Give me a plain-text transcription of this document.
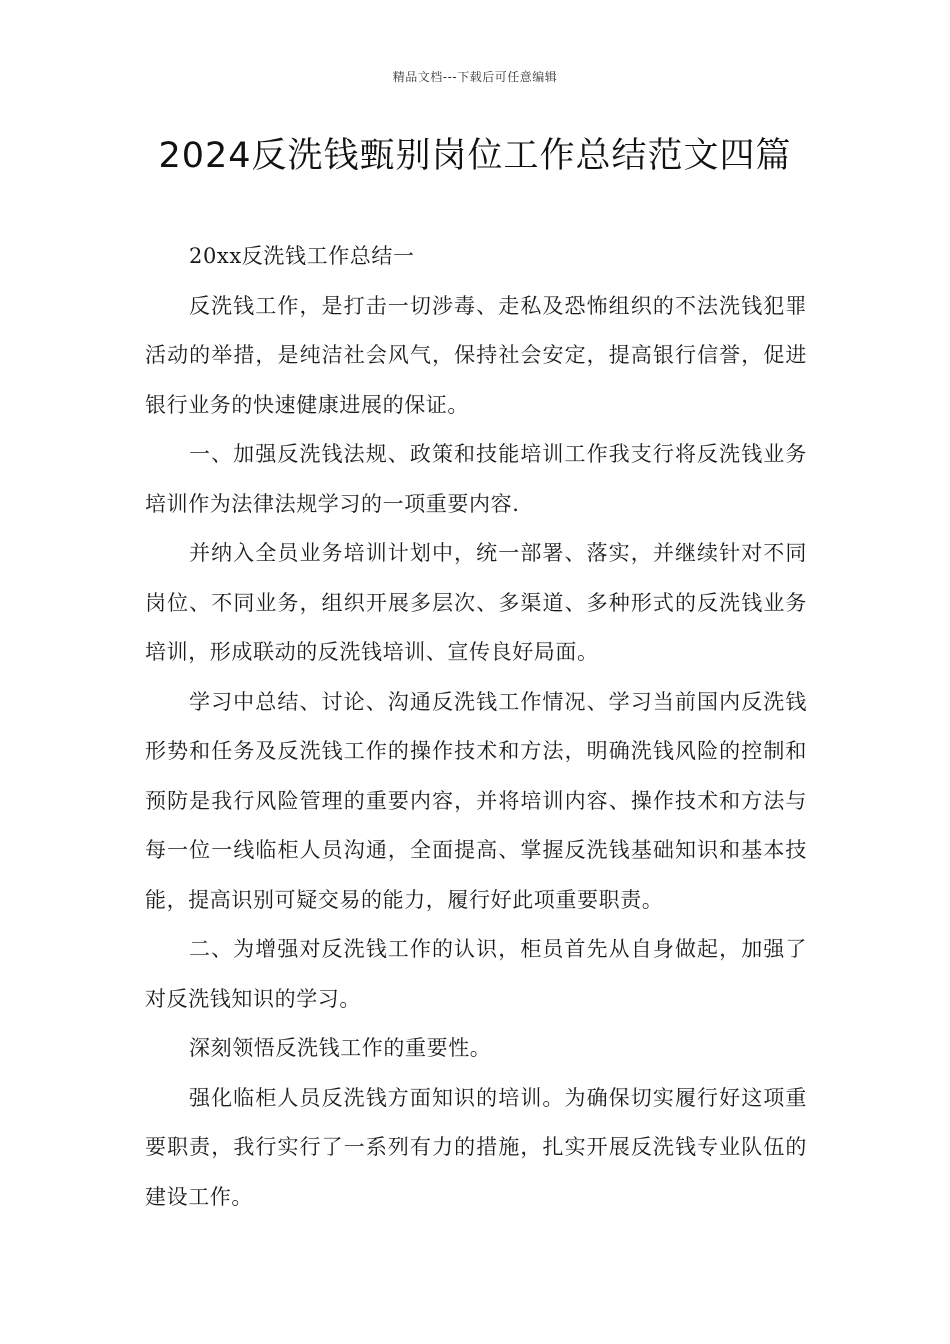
精品文档---下载后可任意编辑
2024反洗钱甄别岗位工作总结范文四篇

20xx反洗钱工作总结一

反洗钱工作，是打击一切涉毒、走私及恐怖组织的不法洗钱犯罪活动的举措，是纯洁社会风气，保持社会安定，提高银行信誉，促进银行业务的快速健康进展的保证。

一、加强反洗钱法规、政策和技能培训工作我支行将反洗钱业务培训作为法律法规学习的一项重要内容.

并纳入全员业务培训计划中，统一部署、落实，并继续针对不同岗位、不同业务，组织开展多层次、多渠道、多种形式的反洗钱业务培训，形成联动的反洗钱培训、宣传良好局面。

学习中总结、讨论、沟通反洗钱工作情况、学习当前国内反洗钱形势和任务及反洗钱工作的操作技术和方法，明确洗钱风险的控制和预防是我行风险管理的重要内容，并将培训内容、操作技术和方法与每一位一线临柜人员沟通，全面提高、掌握反洗钱基础知识和基本技能，提高识别可疑交易的能力，履行好此项重要职责。

二、为增强对反洗钱工作的认识，柜员首先从自身做起，加强了对反洗钱知识的学习。

深刻领悟反洗钱工作的重要性。

强化临柜人员反洗钱方面知识的培训。为确保切实履行好这项重要职责，我行实行了一系列有力的措施，扎实开展反洗钱专业队伍的建设工作。
